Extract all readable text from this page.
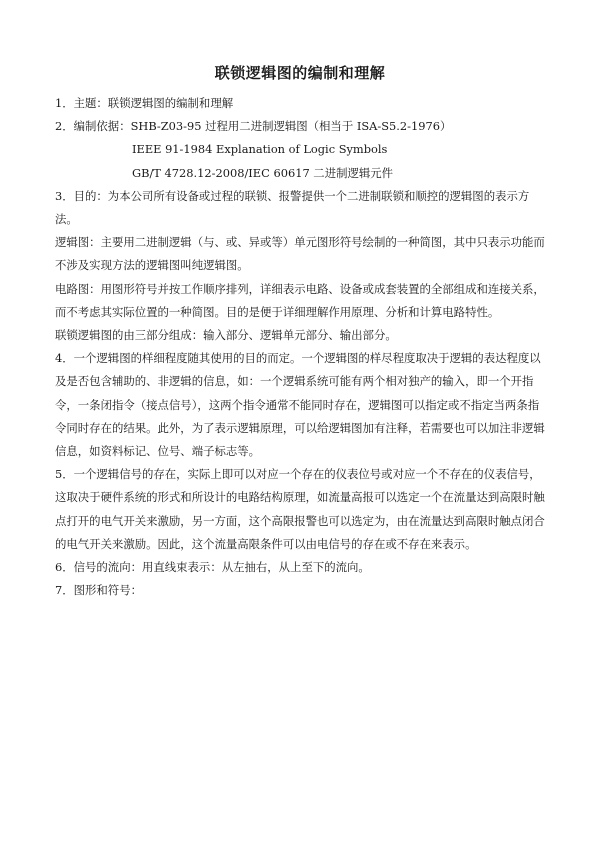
联锁逻辑图的编制和理解

1．主题：联锁逻辑图的编制和理解

2．编制依据：SHB-Z03-95 过程用二进制逻辑图（相当于 ISA-S5.2-1976）

IEEE 91-1984 Explanation of Logic Symbols

GB/T 4728.12-2008/IEC 60617 二进制逻辑元件

3．目的：为本公司所有设备或过程的联锁、报警提供一个二进制联锁和顺控的逻辑图的表示方法。

逻辑图：主要用二进制逻辑（与、或、异或等）单元图形符号绘制的一种简图，其中只表示功能而不涉及实现方法的逻辑图叫纯逻辑图。

电路图：用图形符号并按工作顺序排列，详细表示电路、设备或成套装置的全部组成和连接关系，而不考虑其实际位置的一种简图。目的是便于详细理解作用原理、分析和计算电路特性。

联锁逻辑图的由三部分组成：输入部分、逻辑单元部分、输出部分。

4．一个逻辑图的样细程度随其使用的目的而定。一个逻辑图的样尽程度取决于逻辑的表达程度以及是否包含辅助的、非逻辑的信息，如：一个逻辑系统可能有两个相对独产的输入，即一个开指令，一条闭指令（接点信号），这两个指令通常不能同时存在，逻辑图可以指定或不指定当两条指令同时存在的结果。此外，为了表示逻辑原理，可以给逻辑图加有注释，若需要也可以加注非逻辑信息，如资料标记、位号、端子标志等。

5．一个逻辑信号的存在，实际上即可以对应一个存在的仪表位号或对应一个不存在的仪表信号，这取决于硬件系统的形式和所设计的电路结构原理，如流量高报可以选定一个在流量达到高限时触点打开的电气开关来激励，另一方面，这个高限报警也可以选定为，由在流量达到高限时触点闭合的电气开关来激励。因此，这个流量高限条件可以由电信号的存在或不存在来表示。

6．信号的流向：用直线束表示：从左抽右，从上至下的流向。

7．图形和符号：
